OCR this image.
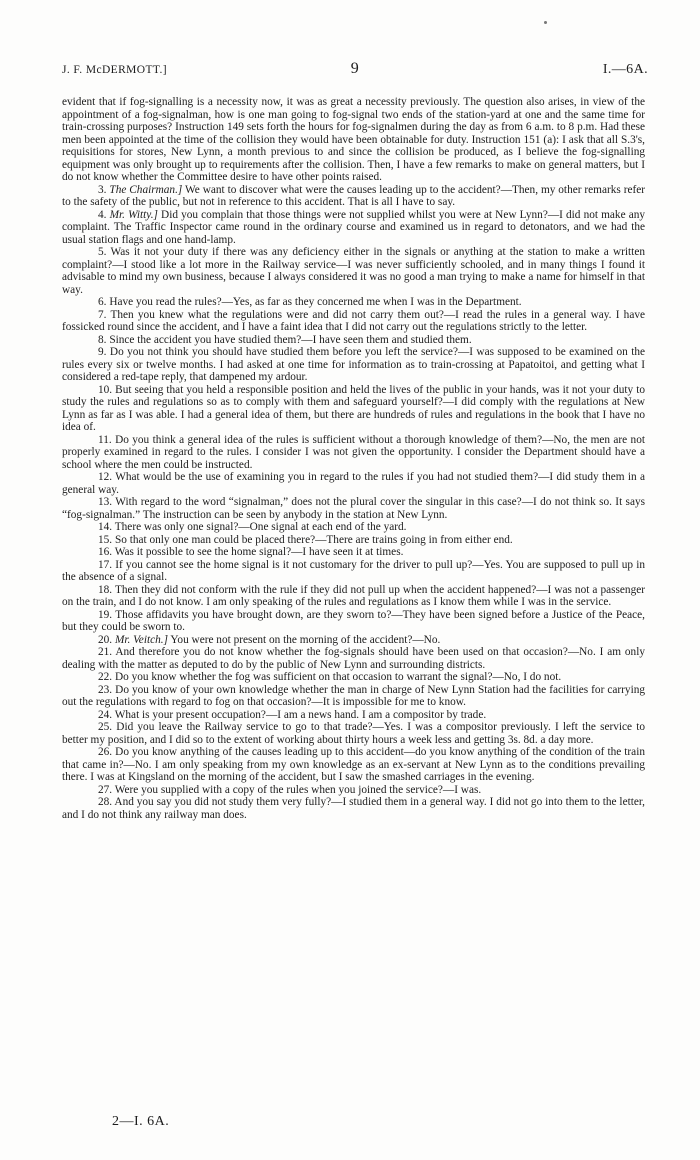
J. F. McDERMOTT.]	9	I.—6A.

evident that if fog-signalling is a necessity now, it was as great a necessity previously. The question also arises, in view of the appointment of a fog-signalman, how is one man going to fog-signal two ends of the station-yard at one and the same time for train-crossing purposes? Instruction 149 sets forth the hours for fog-signalmen during the day as from 6 a.m. to 8 p.m. Had these men been appointed at the time of the collision they would have been obtainable for duty. Instruction 151 (a): I ask that all S.3's, requisitions for stores, New Lynn, a month previous to and since the collision be produced, as I believe the fog-signalling equipment was only brought up to requirements after the collision. Then, I have a few remarks to make on general matters, but I do not know whether the Committee desire to have other points raised.

3. The Chairman.] We want to discover what were the causes leading up to the accident?—Then, my other remarks refer to the safety of the public, but not in reference to this accident. That is all I have to say.

4. Mr. Witty.] Did you complain that those things were not supplied whilst you were at New Lynn?—I did not make any complaint. The Traffic Inspector came round in the ordinary course and examined us in regard to detonators, and we had the usual station flags and one hand-lamp.

5. Was it not your duty if there was any deficiency either in the signals or anything at the station to make a written complaint?—I stood like a lot more in the Railway service—I was never sufficiently schooled, and in many things I found it advisable to mind my own business, because I always considered it was no good a man trying to make a name for himself in that way.

6. Have you read the rules?—Yes, as far as they concerned me when I was in the Department.

7. Then you knew what the regulations were and did not carry them out?—I read the rules in a general way. I have fossicked round since the accident, and I have a faint idea that I did not carry out the regulations strictly to the letter.

8. Since the accident you have studied them?—I have seen them and studied them.

9. Do you not think you should have studied them before you left the service?—I was supposed to be examined on the rules every six or twelve months. I had asked at one time for information as to train-crossing at Papatoitoi, and getting what I considered a red-tape reply, that dampened my ardour.

10. But seeing that you held a responsible position and held the lives of the public in your hands, was it not your duty to study the rules and regulations so as to comply with them and safeguard yourself?—I did comply with the regulations at New Lynn as far as I was able. I had a general idea of them, but there are hundreds of rules and regulations in the book that I have no idea of.

11. Do you think a general idea of the rules is sufficient without a thorough knowledge of them?—No, the men are not properly examined in regard to the rules. I consider I was not given the opportunity. I consider the Department should have a school where the men could be instructed.

12. What would be the use of examining you in regard to the rules if you had not studied them?—I did study them in a general way.

13. With regard to the word “signalman,” does not the plural cover the singular in this case?—I do not think so. It says “fog-signalman.” The instruction can be seen by anybody in the station at New Lynn.

14. There was only one signal?—One signal at each end of the yard.

15. So that only one man could be placed there?—There are trains going in from either end.

16. Was it possible to see the home signal?—I have seen it at times.

17. If you cannot see the home signal is it not customary for the driver to pull up?—Yes. You are supposed to pull up in the absence of a signal.

18. Then they did not conform with the rule if they did not pull up when the accident happened?—I was not a passenger on the train, and I do not know. I am only speaking of the rules and regulations as I know them while I was in the service.

19. Those affidavits you have brought down, are they sworn to?—They have been signed before a Justice of the Peace, but they could be sworn to.

20. Mr. Veitch.] You were not present on the morning of the accident?—No.

21. And therefore you do not know whether the fog-signals should have been used on that occasion?—No. I am only dealing with the matter as deputed to do by the public of New Lynn and surrounding districts.

22. Do you know whether the fog was sufficient on that occasion to warrant the signal?—No, I do not.

23. Do you know of your own knowledge whether the man in charge of New Lynn Station had the facilities for carrying out the regulations with regard to fog on that occasion?—It is impossible for me to know.

24. What is your present occupation?—I am a news hand. I am a compositor by trade.

25. Did you leave the Railway service to go to that trade?—Yes. I was a compositor previously. I left the service to better my position, and I did so to the extent of working about thirty hours a week less and getting 3s. 8d. a day more.

26. Do you know anything of the causes leading up to this accident—do you know anything of the condition of the train that came in?—No. I am only speaking from my own knowledge as an ex-servant at New Lynn as to the conditions prevailing there. I was at Kingsland on the morning of the accident, but I saw the smashed carriages in the evening.

27. Were you supplied with a copy of the rules when you joined the service?—I was.

28. And you say you did not study them very fully?—I studied them in a general way. I did not go into them to the letter, and I do not think any railway man does.

2—I. 6A.
